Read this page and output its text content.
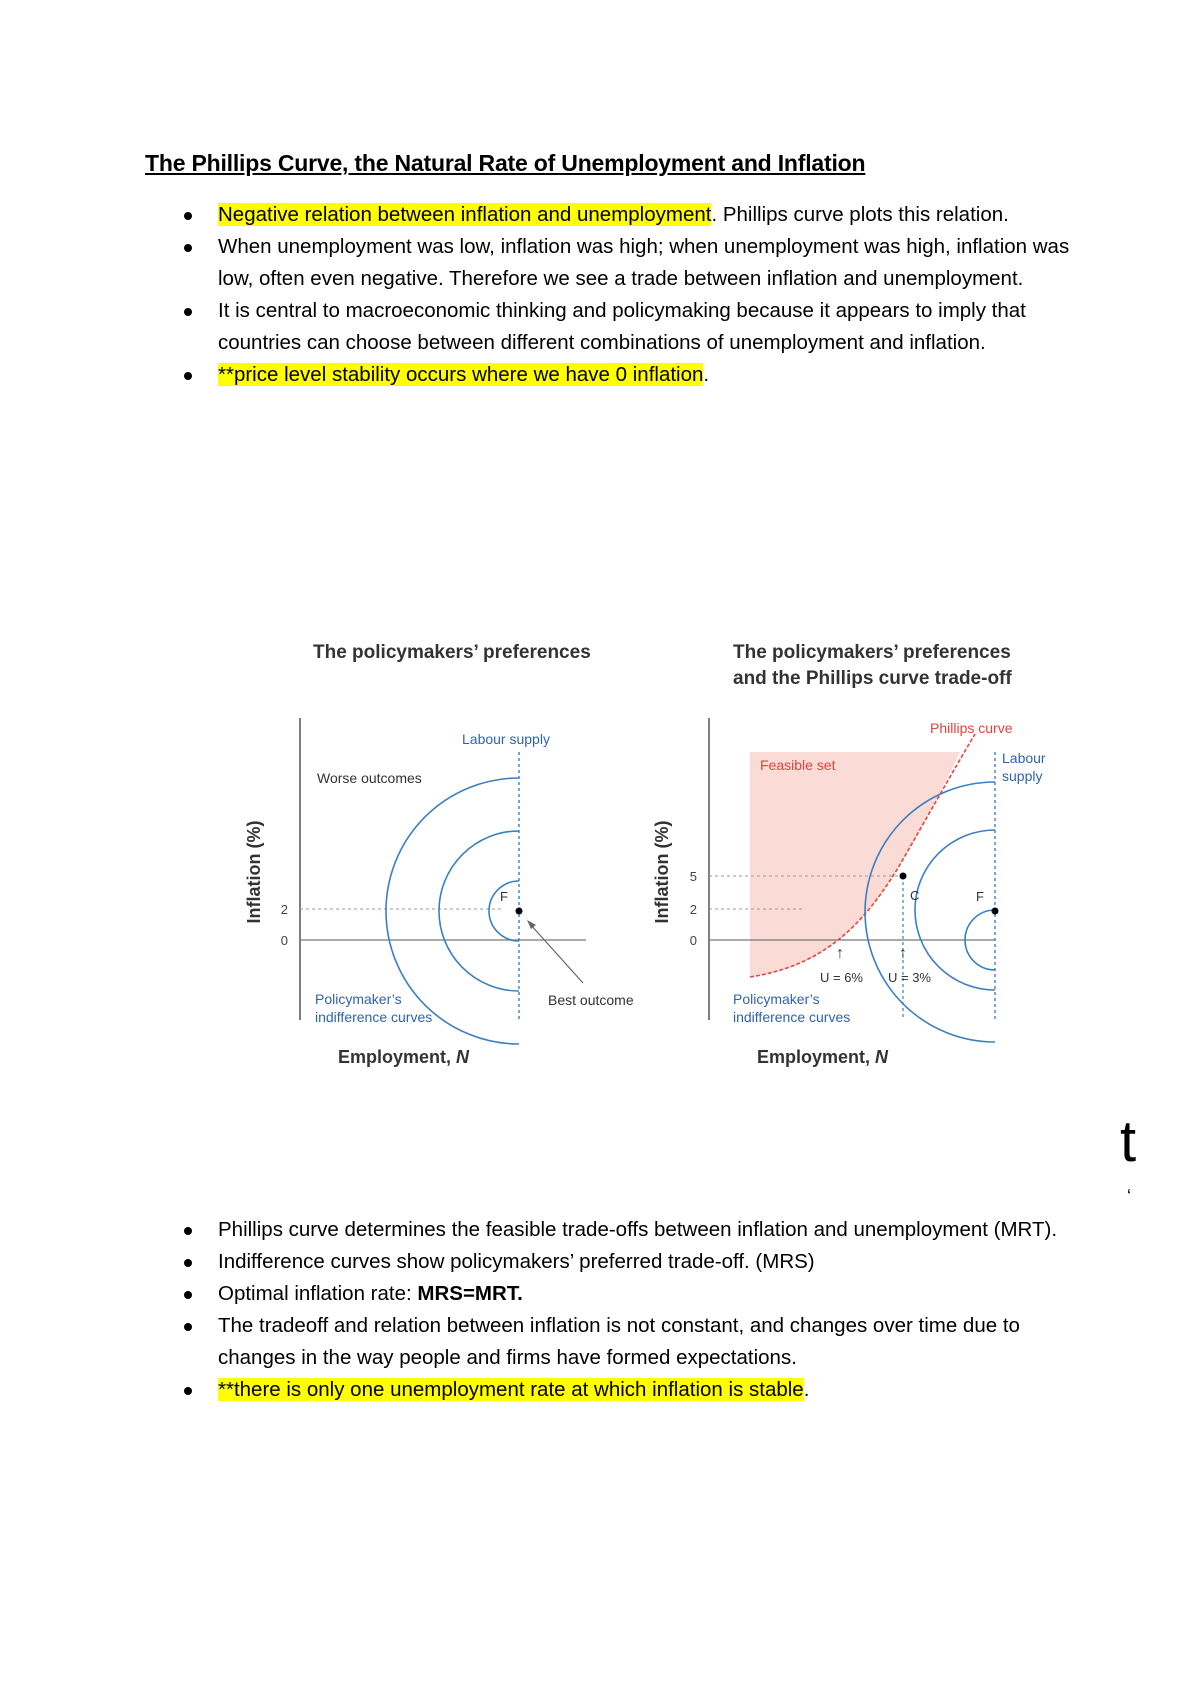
The Phillips Curve, the Natural Rate of Unemployment and Inflation
Negative relation between inflation and unemployment. Phillips curve plots this relation.
When unemployment was low, inflation was high; when unemployment was high, inflation was low, often even negative. Therefore we see a trade between inflation and unemployment.
It is central to macroeconomic thinking and policymaking because it appears to imply that countries can choose between different combinations of unemployment and inflation.
**price level stability occurs where we have 0 inflation.
The policymakers’ preferences
2
0
Inflation (%)
Labour supply
Worse outcomes
F
Best outcome
Policymaker’s
indifference curves
Employment, N
The policymakers’ preferences
and the Phillips curve trade-off
5
2
0
Inflation (%)
Labour
supply
Feasible set
Phillips curve
C	F
↑	↑
U = 6% U = 3%
Policymaker’s
indifference curves
Employment, N
t
‘
Phillips curve determines the feasible trade-offs between inflation and unemployment (MRT).
Indifference curves show policymakers’ preferred trade-off. (MRS)
Optimal inflation rate: MRS=MRT.
The tradeoff and relation between inflation is not constant, and changes over time due to changes in the way people and firms have formed expectations.
**there is only one unemployment rate at which inflation is stable.
